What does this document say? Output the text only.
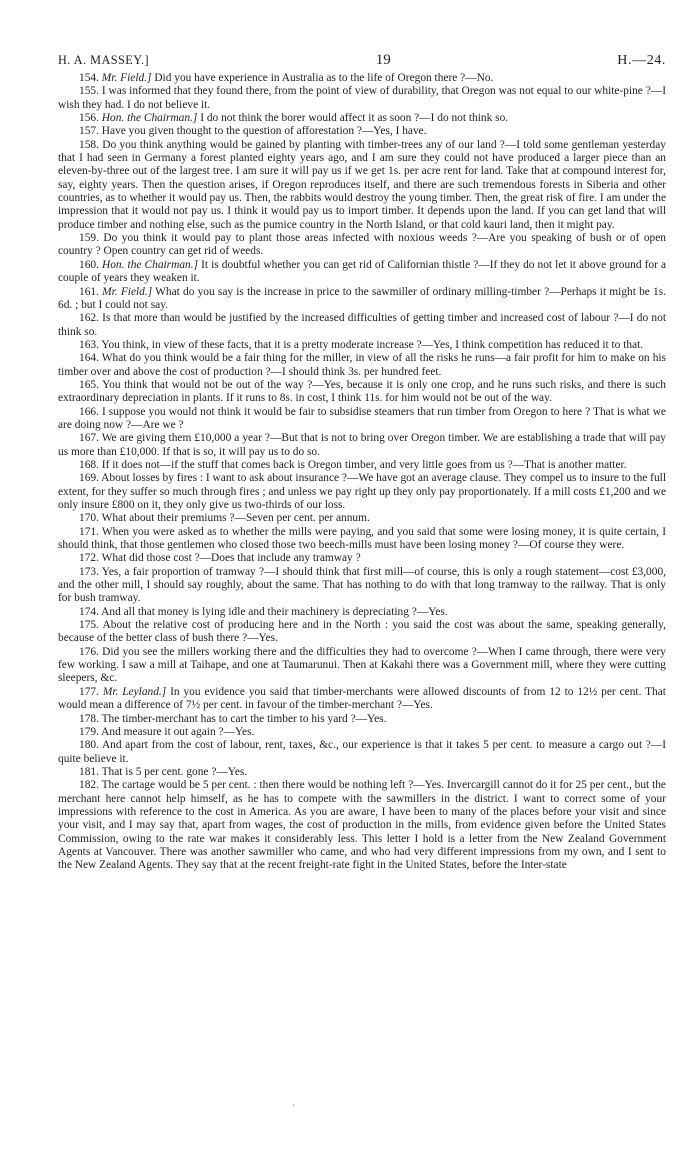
H. A. MASSEY.]	19	H.—24.

154. Mr. Field.] Did you have experience in Australia as to the life of Oregon there ?—No.

155. I was informed that they found there, from the point of view of durability, that Oregon was not equal to our white-pine ?—I wish they had. I do not believe it.

156. Hon. the Chairman.] I do not think the borer would affect it as soon ?—I do not think so.

157. Have you given thought to the question of afforestation ?—Yes, I have.

158. Do you think anything would be gained by planting with timber-trees any of our land ?—I told some gentleman yesterday that I had seen in Germany a forest planted eighty years ago, and I am sure they could not have produced a larger piece than an eleven-by-three out of the largest tree. I am sure it will pay us if we get 1s. per acre rent for land. Take that at compound interest for, say, eighty years. Then the question arises, if Oregon reproduces itself, and there are such tremendous forests in Siberia and other countries, as to whether it would pay us. Then, the rabbits would destroy the young timber. Then, the great risk of fire. I am under the impression that it would not pay us. I think it would pay us to import timber. It depends upon the land. If you can get land that will produce timber and nothing else, such as the pumice country in the North Island, or that cold kauri land, then it might pay.

159. Do you think it would pay to plant those areas infected with noxious weeds ?—Are you speaking of bush or of open country ? Open country can get rid of weeds.

160. Hon. the Chairman.] It is doubtful whether you can get rid of Californian thistle ?—If they do not let it above ground for a couple of years they weaken it.

161. Mr. Field.] What do you say is the increase in price to the sawmiller of ordinary milling-timber ?—Perhaps it might be 1s. 6d. ; but I could not say.

162. Is that more than would be justified by the increased difficulties of getting timber and increased cost of labour ?—I do not think so.

163. You think, in view of these facts, that it is a pretty moderate increase ?—Yes, I think competition has reduced it to that.

164. What do you think would be a fair thing for the miller, in view of all the risks he runs—a fair profit for him to make on his timber over and above the cost of production ?—I should think 3s. per hundred feet.

165. You think that would not be out of the way ?—Yes, because it is only one crop, and he runs such risks, and there is such extraordinary depreciation in plants. If it runs to 8s. in cost, I think 11s. for him would not be out of the way.

166. I suppose you would not think it would be fair to subsidise steamers that run timber from Oregon to here ? That is what we are doing now ?—Are we ?

167. We are giving them £10,000 a year ?—But that is not to bring over Oregon timber. We are establishing a trade that will pay us more than £10,000. If that is so, it will pay us to do so.

168. If it does not—if the stuff that comes back is Oregon timber, and very little goes from us ?—That is another matter.

169. About losses by fires : I want to ask about insurance ?—We have got an average clause. They compel us to insure to the full extent, for they suffer so much through fires ; and unless we pay right up they only pay proportionately. If a mill costs £1,200 and we only insure £800 on it, they only give us two-thirds of our loss.

170. What about their premiums ?—Seven per cent. per annum.

171. When you were asked as to whether the mills were paying, and you said that some were losing money, it is quite certain, I should think, that those gentlemen who closed those two beech-mills must have been losing money ?—Of course they were.

172. What did those cost ?—Does that include any tramway ?

173. Yes, a fair proportion of tramway ?—I should think that first mill—of course, this is only a rough statement—cost £3,000, and the other mill, I should say roughly, about the same. That has nothing to do with that long tramway to the railway. That is only for bush tramway.

174. And all that money is lying idle and their machinery is depreciating ?—Yes.

175. About the relative cost of producing here and in the North : you said the cost was about the same, speaking generally, because of the better class of bush there ?—Yes.

176. Did you see the millers working there and the difficulties they had to overcome ?—When I came through, there were very few working. I saw a mill at Taihape, and one at Taumarunui. Then at Kakahi there was a Government mill, where they were cutting sleepers, &c.

177. Mr. Leyland.] In you evidence you said that timber-merchants were allowed discounts of from 12 to 12½ per cent. That would mean a difference of 7½ per cent. in favour of the timber-merchant ?—Yes.

178. The timber-merchant has to cart the timber to his yard ?—Yes.

179. And measure it out again ?—Yes.

180. And apart from the cost of labour, rent, taxes, &c., our experience is that it takes 5 per cent. to measure a cargo out ?—I quite believe it.

181. That is 5 per cent. gone ?—Yes.

182. The cartage would be 5 per cent. : then there would be nothing left ?—Yes. Invercargill cannot do it for 25 per cent., but the merchant here cannot help himself, as he has to compete with the sawmillers in the district. I want to correct some of your impressions with reference to the cost in America. As you are aware, I have been to many of the places before your visit and since your visit, and I may say that, apart from wages, the cost of production in the mills, from evidence given before the United States Commission, owing to the rate war makes it considerably less. This letter I hold is a letter from the New Zealand Government Agents at Vancouver. There was another sawmiller who came, and who had very different impressions from my own, and I sent to the New Zealand Agents. They say that at the recent freight-rate fight in the United States, before the Inter-state

·
